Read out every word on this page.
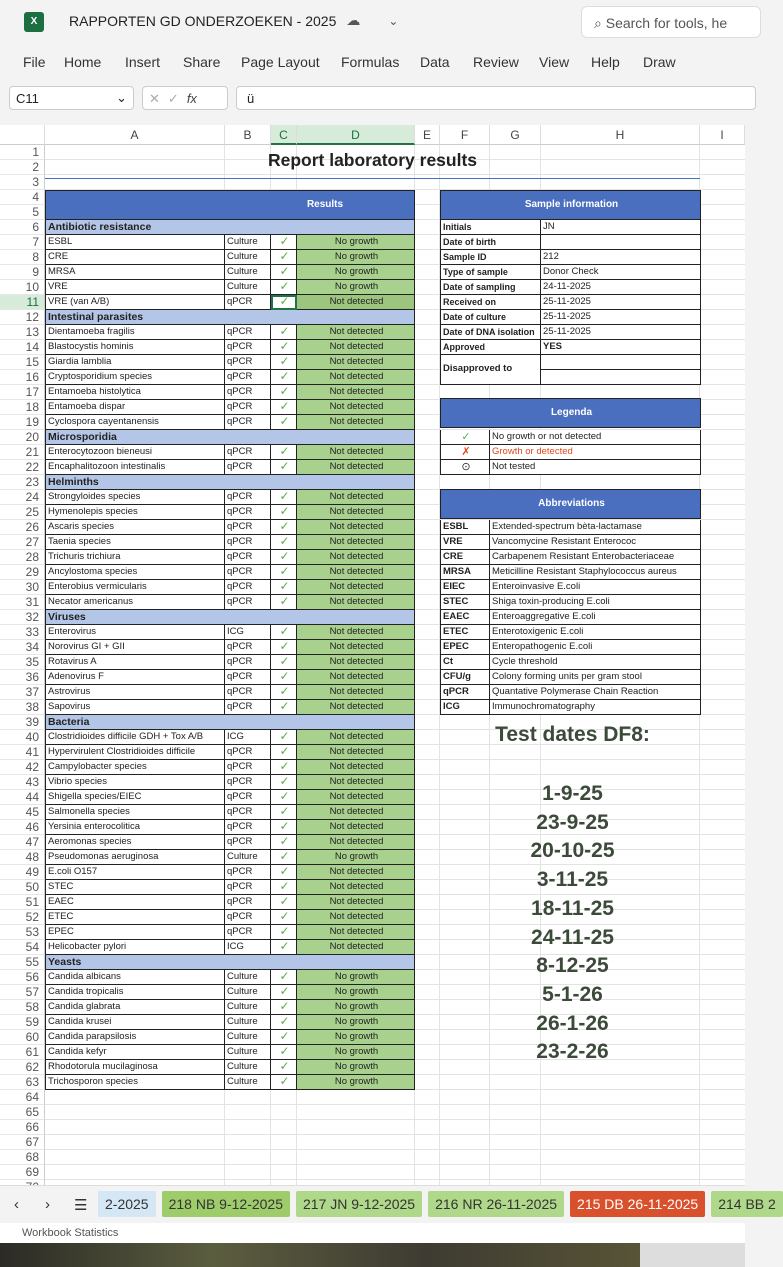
X	RAPPORTEN GD ONDERZOEKEN - 2025 ☁ ⌄	⌕ Search for tools, he
File Home Insert Share Page Layout Formulas Data Review View Help Draw
C11	⌄	✕✓fx	ü
A	B	C	D	E	F	G	H	I
1
2
3
4
5
6
7
8
9
10
11
12
13
14
15
16
17
18
19
20
21
22
23
24
25
26
27
28
29
30
31
32
33
34
35
36
37
38
39
40
41
42
43
44
45
46
47
48
49
50
51
52
53
54
55
56
57
58
59
60
61
62
63
64
65
66
67
68
69
Report laboratory results
Results
Antibiotic resistance
ESBL	Culture	✓	No growth
CRE	Culture	✓	No growth
MRSA	Culture	✓	No growth
VRE	Culture	✓	No growth
VRE (van A/B)	qPCR	✓	Not detected
Intestinal parasites
Dientamoeba fragilis	qPCR	✓	Not detected
Blastocystis hominis	qPCR	✓	Not detected
Giardia lamblia	qPCR	✓	Not detected
Cryptosporidium species	qPCR	✓	Not detected
Entamoeba histolytica	qPCR	✓	Not detected
Entamoeba dispar	qPCR	✓	Not detected
Cyclospora cayentanensis	qPCR	✓	Not detected
Microsporidia
Enterocytozoon bieneusi	qPCR	✓	Not detected
Encaphalitozoon intestinalis	qPCR	✓	Not detected
Helminths
Strongyloides species	qPCR	✓	Not detected
Hymenolepis species	qPCR	✓	Not detected
Ascaris species	qPCR	✓	Not detected
Taenia species	qPCR	✓	Not detected
Trichuris trichiura	qPCR	✓	Not detected
Ancylostoma species	qPCR	✓	Not detected
Enterobius vermicularis	qPCR	✓	Not detected
Necator americanus	qPCR	✓	Not detected
Viruses
Enterovirus	ICG	✓	Not detected
Norovirus GI + GII	qPCR	✓	Not detected
Rotavirus A	qPCR	✓	Not detected
Adenovirus F	qPCR	✓	Not detected
Astrovirus	qPCR	✓	Not detected
Sapovirus	qPCR	✓	Not detected
Bacteria
Clostridioides difficile GDH + Tox A/B	ICG	✓	Not detected
Hypervirulent Clostridioides difficile	qPCR	✓	Not detected
Campylobacter species	qPCR	✓	Not detected
Vibrio species	qPCR	✓	Not detected
Shigella species/EIEC	qPCR	✓	Not detected
Salmonella species	qPCR	✓	Not detected
Yersinia enterocolitica	qPCR	✓	Not detected
Aeromonas species	qPCR	✓	Not detected
Pseudomonas aeruginosa	Culture	✓	No growth
E.coli O157	qPCR	✓	Not detected
STEC	qPCR	✓	Not detected
EAEC	qPCR	✓	Not detected
ETEC	qPCR	✓	Not detected
EPEC	qPCR	✓	Not detected
Helicobacter pylori	ICG	✓	Not detected
Yeasts
Candida albicans	Culture	✓	No growth
Candida tropicalis	Culture	✓	No growth
Candida glabrata	Culture	✓	No growth
Candida krusei	Culture	✓	No growth
Candida parapsilosis	Culture	✓	No growth
Candida kefyr	Culture	✓	No growth
Rhodotorula mucilaginosa	Culture	✓	No growth
Trichosporon species	Culture	✓	No growth
Sample information
Initials	JN
Date of birth
Sample ID	212
Type of sample	Donor Check
Date of sampling	24-11-2025
Received on	25-11-2025
Date of culture	25-11-2025
Date of DNA isolation 25-11-2025
Approved	YES
Disapproved to
Legenda
✓	No growth or not detected
✗	Growth or detected
⊙	Not tested
Abbreviations
ESBL	Extended-spectrum bèta-lactamase
VRE	Vancomycine Resistant Enterococ
CRE	Carbapenem Resistant Enterobacteriaceae
MRSA	Meticilline Resistant Staphylococcus aureus
EIEC	Enteroinvasive E.coli
STEC	Shiga toxin-producing E.coli
EAEC	Enteroaggregative E.coli
ETEC	Enterotoxigenic E.coli
EPEC	Enteropathogenic E.coli
Ct	Cycle threshold
CFU/g	Colony forming units per gram stool
qPCR	Quantative Polymerase Chain Reaction
ICG	Immunochromatography
Test dates DF8:
1-9-25
23-9-25
20-10-25
3-11-25
18-11-25
24-11-25
8-12-25
5-1-26
26-1-26
23-2-26
‹ › ☰	2-2025	218 NB 9-12-2025	217 JN 9-12-2025	216 NR 26-11-2025	215 DB 26-11-2025	214 BB 2
Workbook Statistics
